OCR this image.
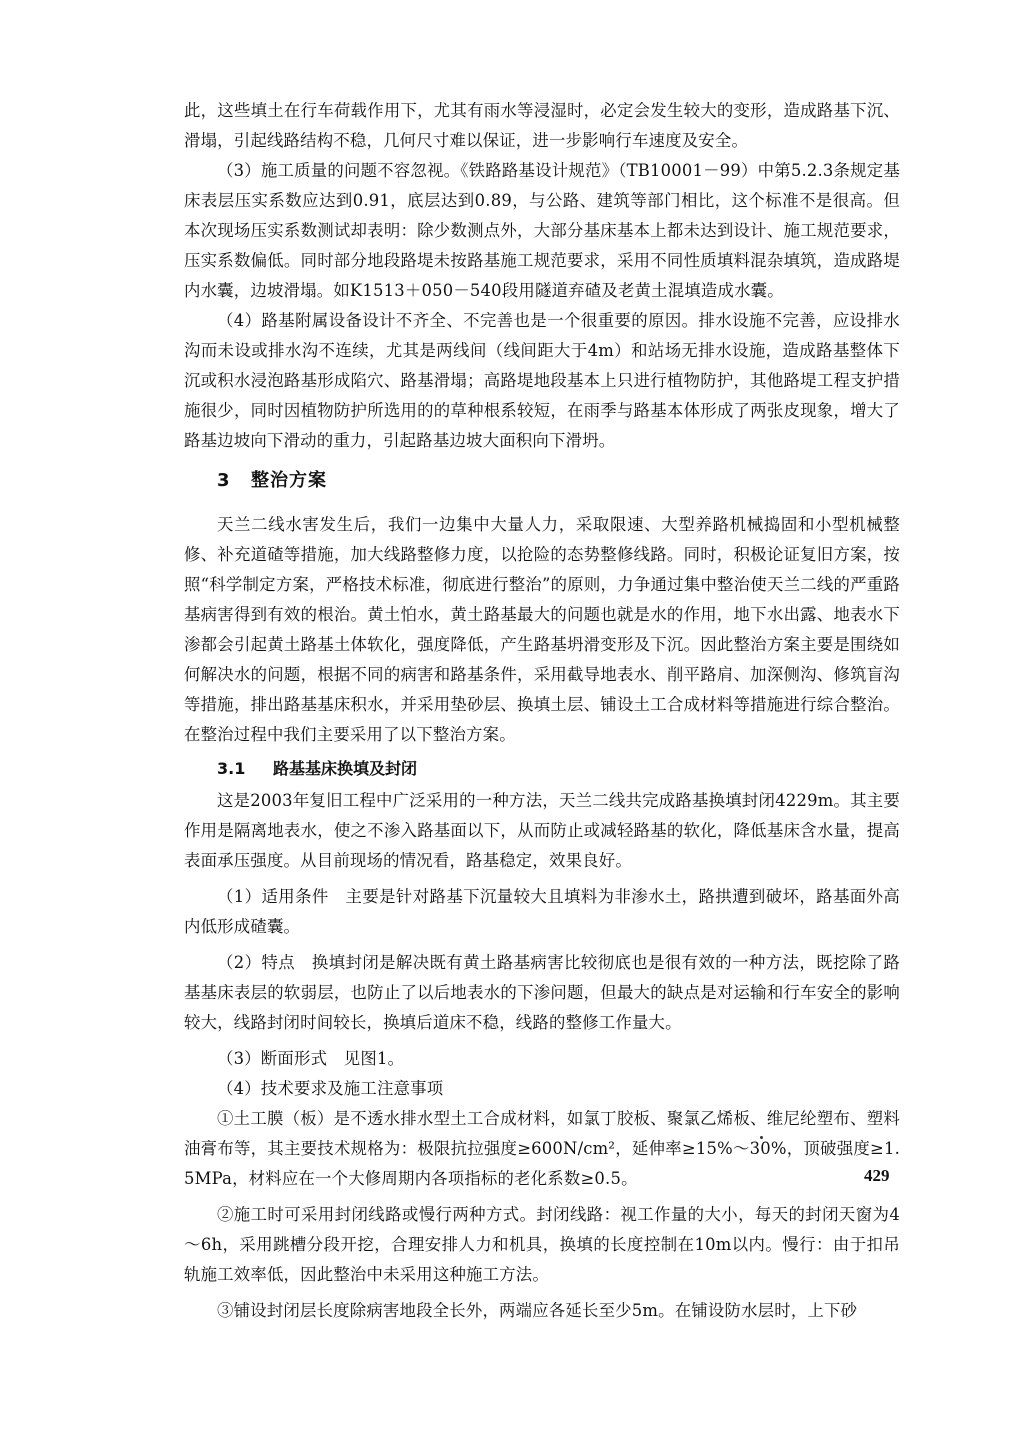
此，这些填土在行车荷载作用下，尤其有雨水等浸湿时，必定会发生较大的变形，造成路基下沉、滑塌，引起线路结构不稳，几何尺寸难以保证，进一步影响行车速度及安全。

（3）施工质量的问题不容忽视。《铁路路基设计规范》（TB10001－99）中第5.2.3条规定基床表层压实系数应达到0.91，底层达到0.89，与公路、建筑等部门相比，这个标准不是很高。但本次现场压实系数测试却表明：除少数测点外，大部分基床基本上都未达到设计、施工规范要求，压实系数偏低。同时部分地段路堤未按路基施工规范要求，采用不同性质填料混杂填筑，造成路堤内水囊，边坡滑塌。如K1513＋050－540段用隧道弃碴及老黄土混填造成水囊。

（4）路基附属设备设计不齐全、不完善也是一个很重要的原因。排水设施不完善，应设排水沟而未设或排水沟不连续，尤其是两线间（线间距大于4m）和站场无排水设施，造成路基整体下沉或积水浸泡路基形成陷穴、路基滑塌；高路堤地段基本上只进行植物防护，其他路堤工程支护措施很少，同时因植物防护所选用的的草种根系较短，在雨季与路基本体形成了两张皮现象，增大了路基边坡向下滑动的重力，引起路基边坡大面积向下滑坍。

3 整治方案

天兰二线水害发生后，我们一边集中大量人力，采取限速、大型养路机械捣固和小型机械整修、补充道碴等措施，加大线路整修力度，以抢险的态势整修线路。同时，积极论证复旧方案，按照“科学制定方案，严格技术标准，彻底进行整治”的原则，力争通过集中整治使天兰二线的严重路基病害得到有效的根治。黄土怕水，黄土路基最大的问题也就是水的作用，地下水出露、地表水下渗都会引起黄土路基土体软化，强度降低，产生路基坍滑变形及下沉。因此整治方案主要是围绕如何解决水的问题，根据不同的病害和路基条件，采用截导地表水、削平路肩、加深侧沟、修筑盲沟等措施，排出路基基床积水，并采用垫砂层、换填土层、铺设土工合成材料等措施进行综合整治。在整治过程中我们主要采用了以下整治方案。

3.1 路基基床换填及封闭

这是2003年复旧工程中广泛采用的一种方法，天兰二线共完成路基换填封闭4229m。其主要作用是隔离地表水，使之不渗入路基面以下，从而防止或减轻路基的软化，降低基床含水量，提高表面承压强度。从目前现场的情况看，路基稳定，效果良好。

（1）适用条件　主要是针对路基下沉量较大且填料为非渗水土，路拱遭到破坏，路基面外高内低形成碴囊。

（2）特点　换填封闭是解决既有黄土路基病害比较彻底也是很有效的一种方法，既挖除了路基基床表层的软弱层，也防止了以后地表水的下渗问题，但最大的缺点是对运输和行车安全的影响较大，线路封闭时间较长，换填后道床不稳，线路的整修工作量大。

（3）断面形式　见图1。

（4）技术要求及施工注意事项

①土工膜（板）是不透水排水型土工合成材料，如氯丁胶板、聚氯乙烯板、维尼纶塑布、塑料油膏布等，其主要技术规格为：极限抗拉强度≥600N/cm²，延伸率≥15%～30%，顶破强度≥1.5MPa，材料应在一个大修周期内各项指标的老化系数≥0.5。

②施工时可采用封闭线路或慢行两种方式。封闭线路：视工作量的大小，每天的封闭天窗为4～6h，采用跳槽分段开挖，合理安排人力和机具，换填的长度控制在10m以内。慢行：由于扣吊轨施工效率低，因此整治中未采用这种施工方法。

③铺设封闭层长度除病害地段全长外，两端应各延长至少5m。在铺设防水层时，上下砂

429
